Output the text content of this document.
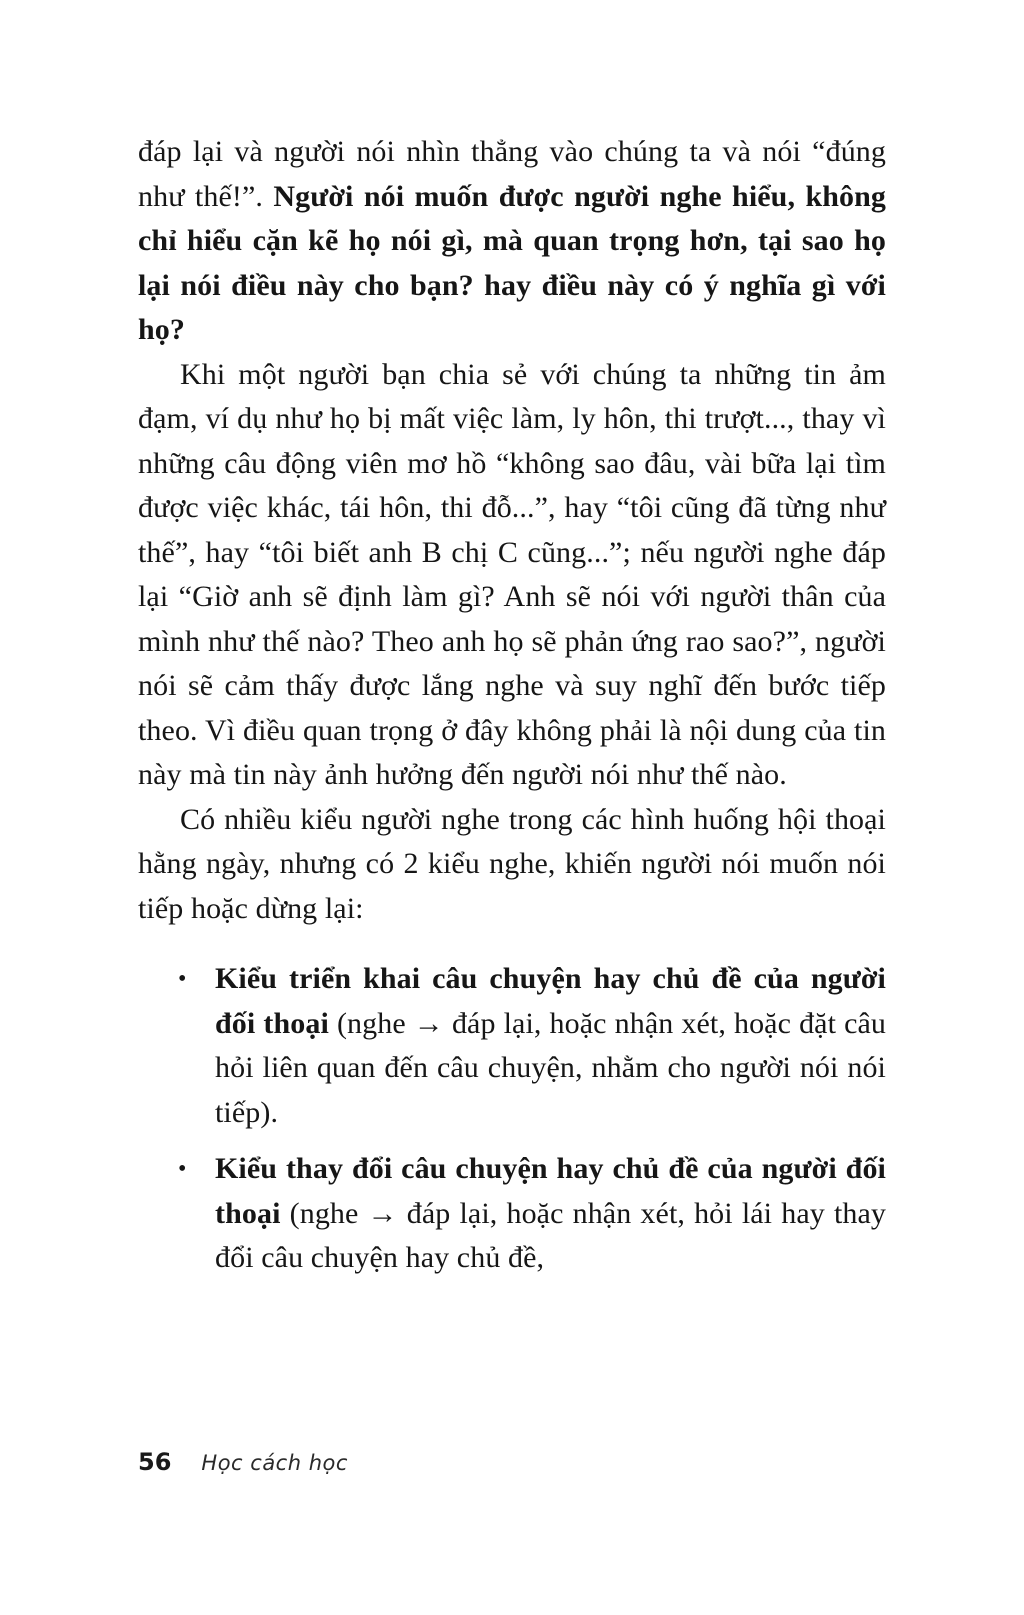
đáp lại và người nói nhìn thẳng vào chúng ta và nói “đúng như thế!”. Người nói muốn được người nghe hiểu, không chỉ hiểu cặn kẽ họ nói gì, mà quan trọng hơn, tại sao họ lại nói điều này cho bạn? hay điều này có ý nghĩa gì với họ?

Khi một người bạn chia sẻ với chúng ta những tin ảm đạm, ví dụ như họ bị mất việc làm, ly hôn, thi trượt..., thay vì những câu động viên mơ hồ “không sao đâu, vài bữa lại tìm được việc khác, tái hôn, thi đỗ...”, hay “tôi cũng đã từng như thế”, hay “tôi biết anh B chị C cũng...”; nếu người nghe đáp lại “Giờ anh sẽ định làm gì? Anh sẽ nói với người thân của mình như thế nào? Theo anh họ sẽ phản ứng rao sao?”, người nói sẽ cảm thấy được lắng nghe và suy nghĩ đến bước tiếp theo. Vì điều quan trọng ở đây không phải là nội dung của tin này mà tin này ảnh hưởng đến người nói như thế nào.

Có nhiều kiểu người nghe trong các hình huống hội thoại hằng ngày, nhưng có 2 kiểu nghe, khiến người nói muốn nói tiếp hoặc dừng lại:

• Kiểu triển khai câu chuyện hay chủ đề của người đối thoại (nghe → đáp lại, hoặc nhận xét, hoặc đặt câu hỏi liên quan đến câu chuyện, nhằm cho người nói nói tiếp).
• Kiểu thay đổi câu chuyện hay chủ đề của người đối thoại (nghe → đáp lại, hoặc nhận xét, hỏi lái hay thay đổi câu chuyện hay chủ đề,
56 Học cách học
